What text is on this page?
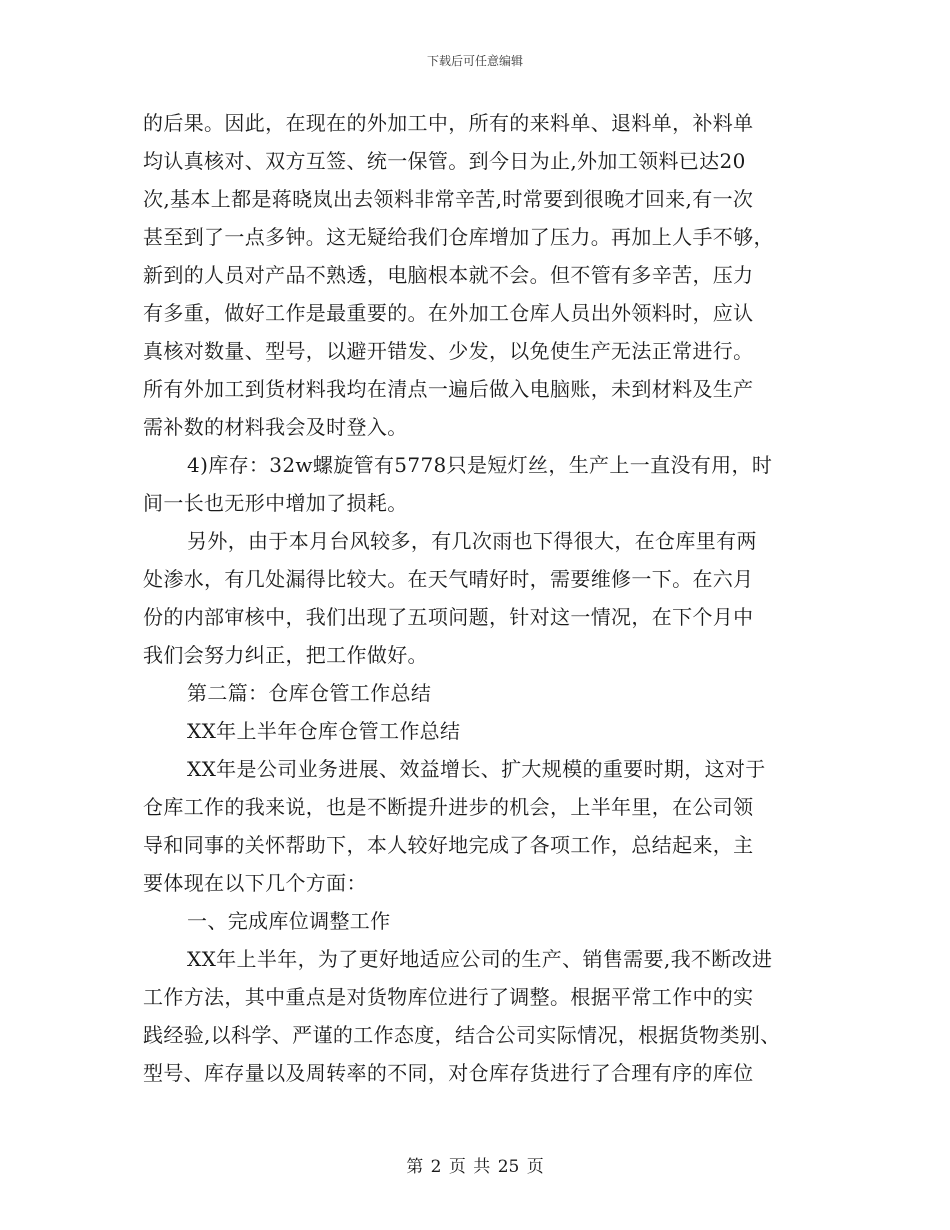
下载后可任意编辑
的后果。因此，在现在的外加工中，所有的来料单、退料单，补料单
均认真核对、双方互签、统一保管。到今日为止,外加工领料已达20
次,基本上都是蒋晓岚出去领料非常辛苦,时常要到很晚才回来,有一次
甚至到了一点多钟。这无疑给我们仓库增加了压力。再加上人手不够，
新到的人员对产品不熟透，电脑根本就不会。但不管有多辛苦，压力
有多重，做好工作是最重要的。在外加工仓库人员出外领料时，应认
真核对数量、型号，以避开错发、少发，以免使生产无法正常进行。
所有外加工到货材料我均在清点一遍后做入电脑账，未到材料及生产
需补数的材料我会及时登入。
4)库存：32w螺旋管有5778只是短灯丝，生产上一直没有用，时
间一长也无形中增加了损耗。
另外，由于本月台风较多，有几次雨也下得很大，在仓库里有两
处渗水，有几处漏得比较大。在天气晴好时，需要维修一下。在六月
份的内部审核中，我们出现了五项问题，针对这一情况，在下个月中
我们会努力纠正，把工作做好。
第二篇：仓库仓管工作总结
XX年上半年仓库仓管工作总结
XX年是公司业务进展、效益增长、扩大规模的重要时期，这对于
仓库工作的我来说，也是不断提升进步的机会，上半年里，在公司领
导和同事的关怀帮助下，本人较好地完成了各项工作，总结起来，主
要体现在以下几个方面：
一、完成库位调整工作
XX年上半年，为了更好地适应公司的生产、销售需要,我不断改进
工作方法，其中重点是对货物库位进行了调整。根据平常工作中的实
践经验,以科学、严谨的工作态度，结合公司实际情况，根据货物类别、
型号、库存量以及周转率的不同，对仓库存货进行了合理有序的库位
第 2 页 共 25 页
